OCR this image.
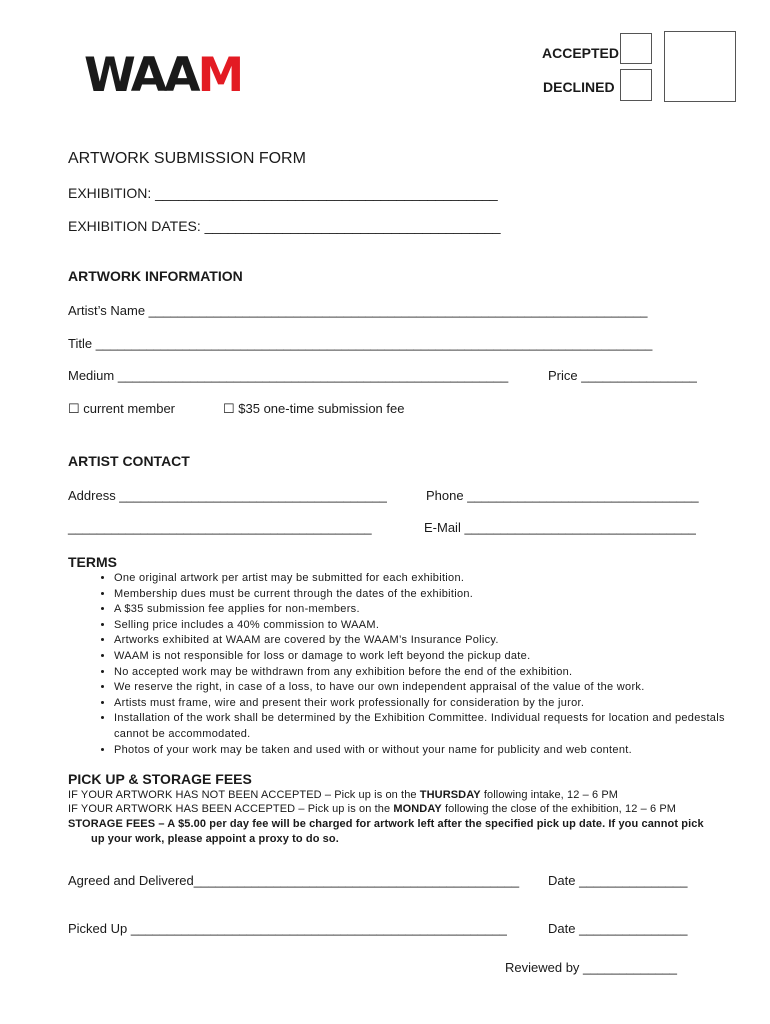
WAAM	ACCEPTED
DECLINED
ARTWORK SUBMISSION FORM
EXHIBITION: ____________________________________________
EXHIBITION DATES: ______________________________________
ARTWORK INFORMATION
Artist’s Name _____________________________________________________________________
Title _____________________________________________________________________________
Medium ______________________________________________________	Price ________________
☐ current member	☐ $35 one-time submission fee
ARTIST CONTACT
Address _____________________________________	Phone ________________________________
__________________________________________	E-Mail ________________________________
TERMS
• One original artwork per artist may be submitted for each exhibition.
• Membership dues must be current through the dates of the exhibition.
• A $35 submission fee applies for non-members.
• Selling price includes a 40% commission to WAAM.
• Artworks exhibited at WAAM are covered by the WAAM’s Insurance Policy.
• WAAM is not responsible for loss or damage to work left beyond the pickup date.
• No accepted work may be withdrawn from any exhibition before the end of the exhibition.
• We reserve the right, in case of a loss, to have our own independent appraisal of the value of the work.
• Artists must frame, wire and present their work professionally for consideration by the juror.
• Installation of the work shall be determined by the Exhibition Committee. Individual requests for location and pedestals cannot be accommodated.
• Photos of your work may be taken and used with or without your name for publicity and web content.
PICK UP & STORAGE FEES
IF YOUR ARTWORK HAS NOT BEEN ACCEPTED – Pick up is on the THURSDAY following intake, 12 – 6 PM
IF YOUR ARTWORK HAS BEEN ACCEPTED – Pick up is on the MONDAY following the close of the exhibition, 12 – 6 PM
STORAGE FEES – A $5.00 per day fee will be charged for artwork left after the specified pick up date. If you cannot pick
up your work, please appoint a proxy to do so.
Agreed and Delivered_____________________________________________ Date _______________
Picked Up ____________________________________________________	Date _______________
Reviewed by _____________
